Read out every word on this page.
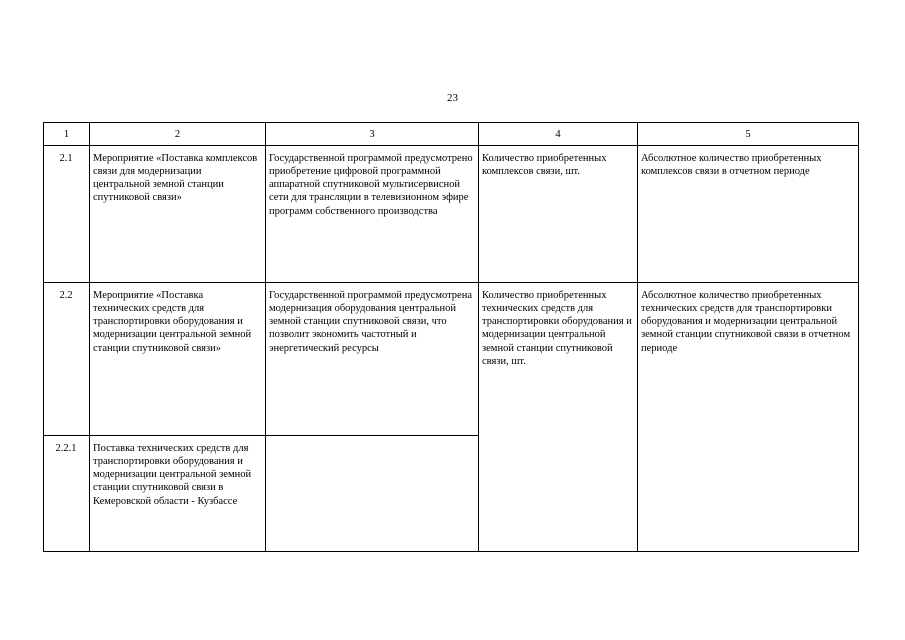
23
1	2	3	4	5
2.1	Мероприятие «Поставка комплексов связи для модернизации центральной земной станции спутниковой связи»	Государственной программой предусмотрено приобретение цифровой программной аппаратной спутниковой мультисервисной сети для трансляции в телевизионном эфире программ собственного производства	Количество приобретенных комплексов связи, шт.	Абсолютное количество приобретенных комплексов связи в отчетном периоде
2.2	Мероприятие «Поставка технических средств для транспортировки оборудования и модернизации центральной земной станции спутниковой связи»	Государственной программой предусмотрена модернизация оборудования центральной земной станции спутниковой связи, что позволит экономить частотный и энергетический ресурсы	Количество приобретенных технических средств для транспортировки оборудования и модернизации центральной земной станции спутниковой связи, шт.	Абсолютное количество приобретенных технических средств для транспортировки оборудования и модернизации центральной земной станции спутниковой связи в отчетном периоде
2.2.1	Поставка технических средств для транспортировки оборудования и модернизации центральной земной станции спутниковой связи в Кемеровской области - Кузбассе			
